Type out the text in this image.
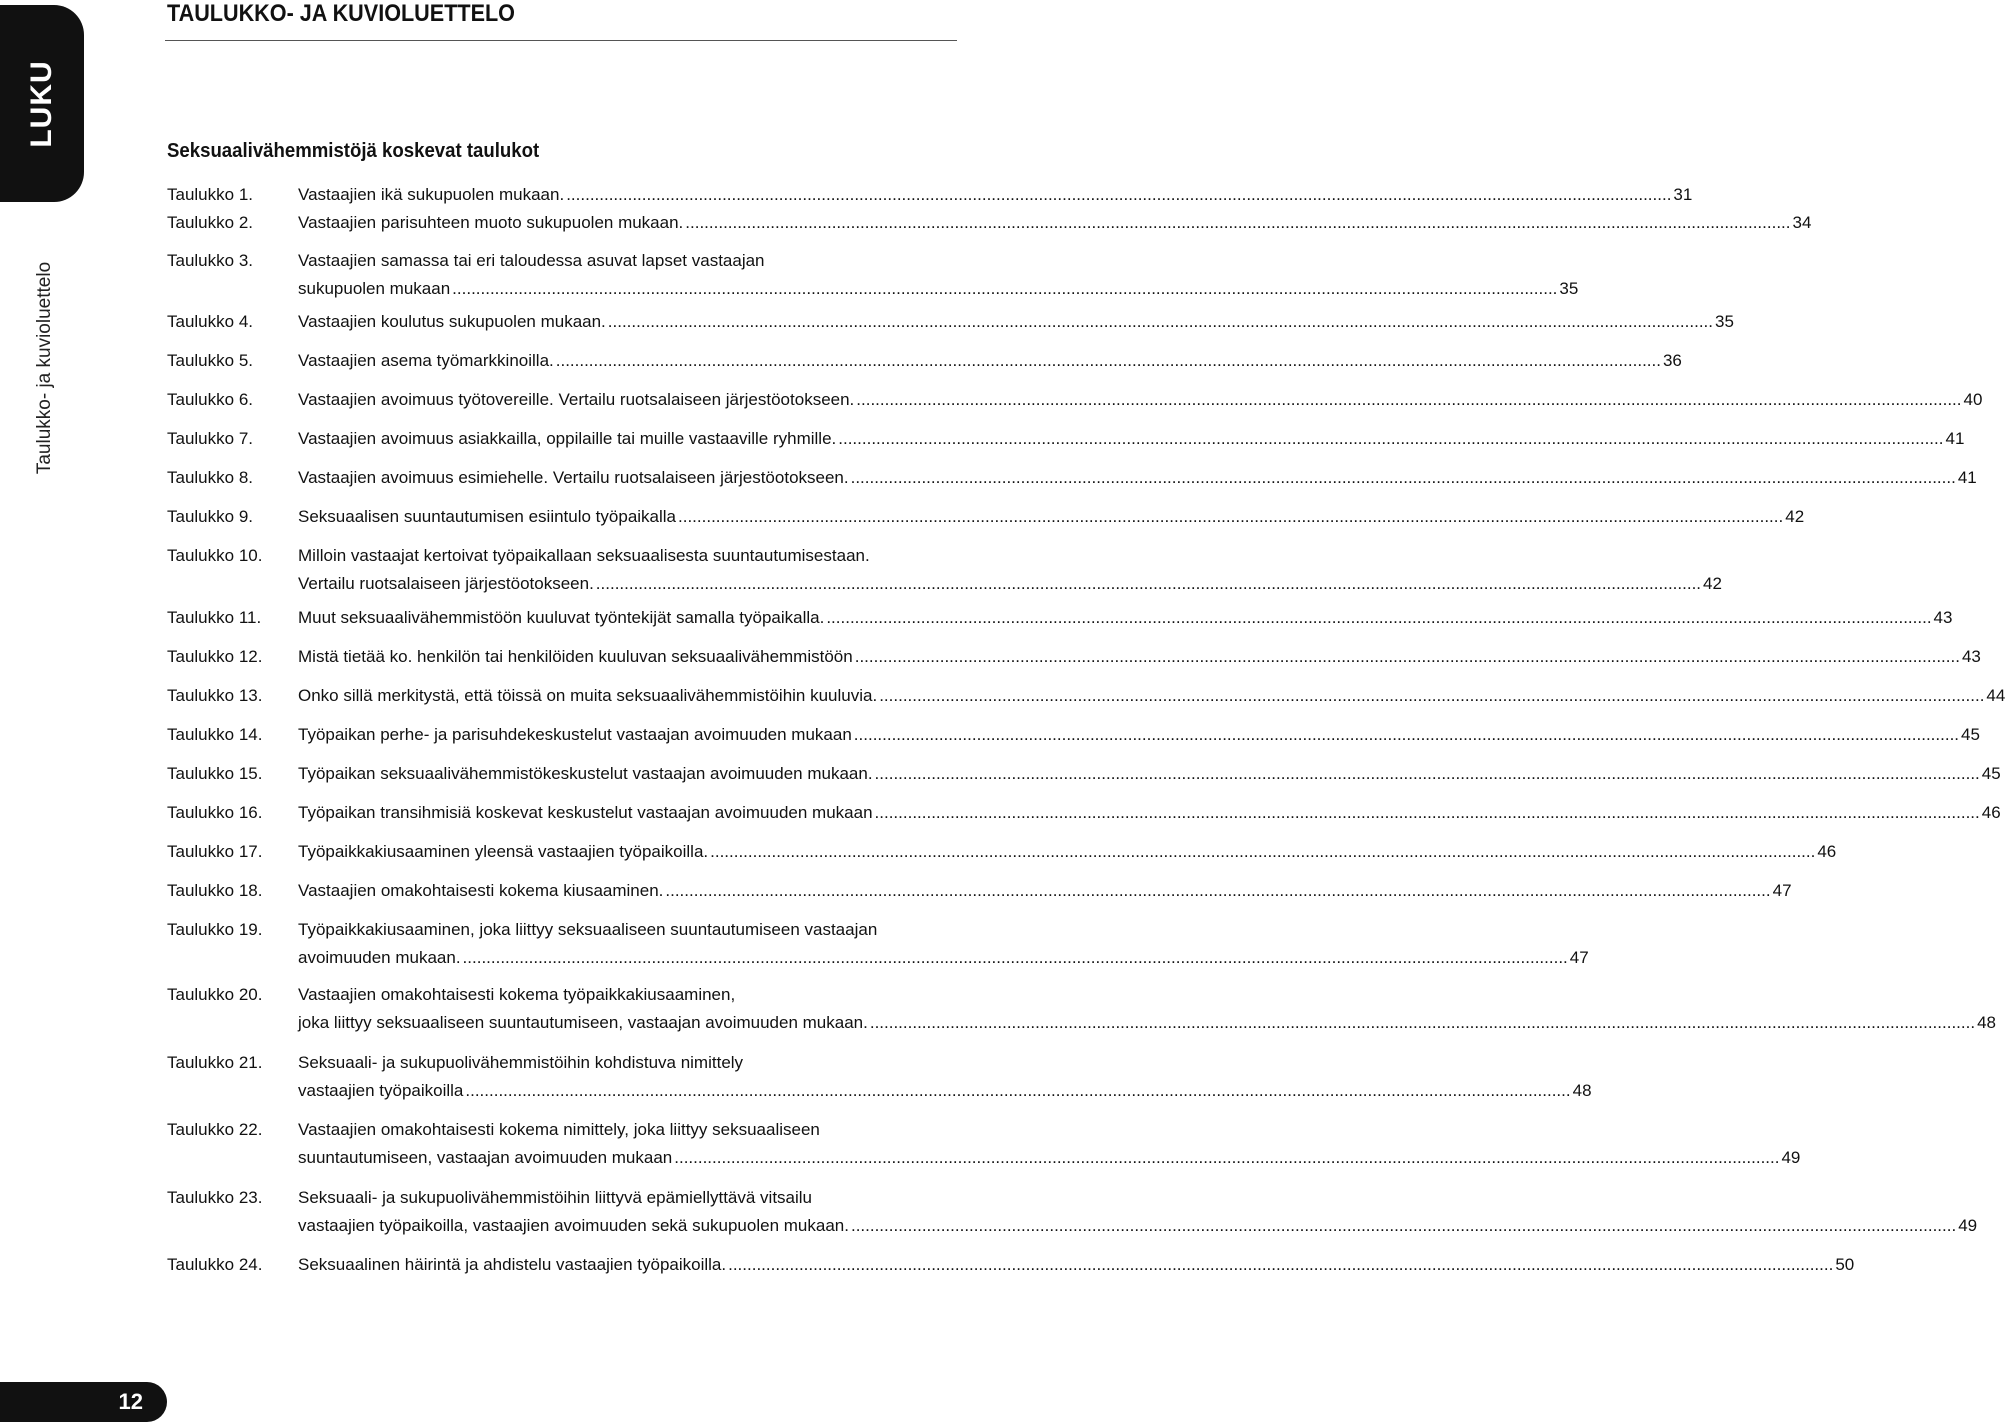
LUKU
Taulukko- ja kuvioluettelo
TAULUKKO- JA KUVIOLUETTELO
Seksuaalivähemmistöjä koskevat taulukot
Taulukko 1.	Vastaajien ikä sukupuolen mukaan. .....	31
Taulukko 2.	Vastaajien parisuhteen muoto sukupuolen mukaan. .....	34
Taulukko 3.	Vastaajien samassa tai eri taloudessa asuvat lapset vastaajan
sukupuolen mukaan .....	35
Taulukko 4.	Vastaajien koulutus sukupuolen mukaan. .....	35
Taulukko 5.	Vastaajien asema työmarkkinoilla. .....	36
Taulukko 6.	Vastaajien avoimuus työtovereille. Vertailu ruotsalaiseen järjestöotokseen. .....	40
Taulukko 7.	Vastaajien avoimuus asiakkailla, oppilaille tai muille vastaaville ryhmille. .....	41
Taulukko 8.	Vastaajien avoimuus esimiehelle. Vertailu ruotsalaiseen järjestöotokseen. .....	41
Taulukko 9.	Seksuaalisen suuntautumisen esiintulo työpaikalla .....	42
Taulukko 10.	Milloin vastaajat kertoivat työpaikallaan seksuaalisesta suuntautumisestaan.
Vertailu ruotsalaiseen järjestöotokseen. .....	42
Taulukko 11.	Muut seksuaalivähemmistöön kuuluvat työntekijät samalla työpaikalla. .....	43
Taulukko 12.	Mistä tietää ko. henkilön tai henkilöiden kuuluvan seksuaalivähemmistöön .....	43
Taulukko 13.	Onko sillä merkitystä, että töissä on muita seksuaalivähemmistöihin kuuluvia. .....	44
Taulukko 14.	Työpaikan perhe- ja parisuhdekeskustelut vastaajan avoimuuden mukaan .....	45
Taulukko 15.	Työpaikan seksuaalivähemmistökeskustelut vastaajan avoimuuden mukaan. .....	45
Taulukko 16.	Työpaikan transihmisiä koskevat keskustelut vastaajan avoimuuden mukaan .....	46
Taulukko 17.	Työpaikkakiusaaminen yleensä vastaajien työpaikoilla. .....	46
Taulukko 18.	Vastaajien omakohtaisesti kokema kiusaaminen. .....	47
Taulukko 19.	Työpaikkakiusaaminen, joka liittyy seksuaaliseen suuntautumiseen vastaajan
avoimuuden mukaan. .....	47
Taulukko 20.	Vastaajien omakohtaisesti kokema työpaikkakiusaaminen,
joka liittyy seksuaaliseen suuntautumiseen, vastaajan avoimuuden mukaan. .....	48
Taulukko 21.	Seksuaali- ja sukupuolivähemmistöihin kohdistuva nimittely
vastaajien työpaikoilla .....	48
Taulukko 22.	Vastaajien omakohtaisesti kokema nimittely, joka liittyy seksuaaliseen
suuntautumiseen, vastaajan avoimuuden mukaan .....	49
Taulukko 23.	Seksuaali- ja sukupuolivähemmistöihin liittyvä epämiellyttävä vitsailu
vastaajien työpaikoilla, vastaajien avoimuuden sekä sukupuolen mukaan. .....	49
Taulukko 24.	Seksuaalinen häirintä ja ahdistelu vastaajien työpaikoilla. .....	50
12
